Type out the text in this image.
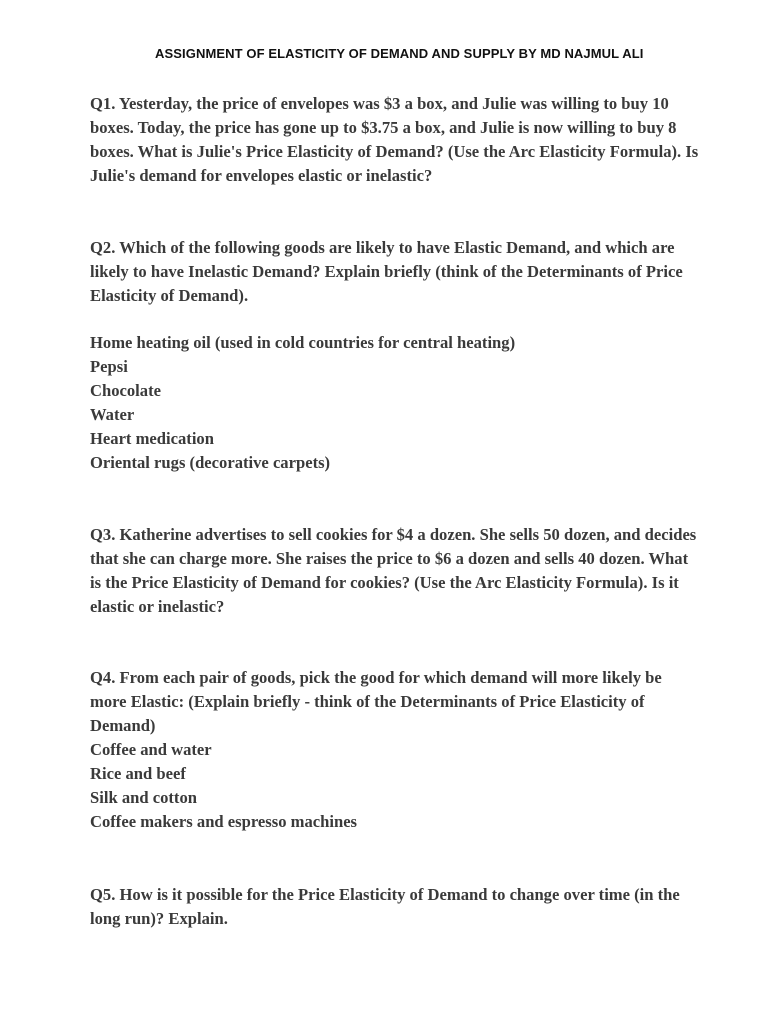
ASSIGNMENT OF ELASTICITY OF DEMAND AND SUPPLY BY MD NAJMUL ALI

Q1. Yesterday, the price of envelopes was $3 a box, and Julie was willing to buy 10 boxes. Today, the price has gone up to $3.75 a box, and Julie is now willing to buy 8 boxes. What is Julie's Price Elasticity of Demand? (Use the Arc Elasticity Formula). Is Julie's demand for envelopes elastic or inelastic?

Q2. Which of the following goods are likely to have Elastic Demand, and which are likely to have Inelastic Demand? Explain briefly (think of the Determinants of Price Elasticity of Demand).

Home heating oil (used in cold countries for central heating)
Pepsi
Chocolate
Water
Heart medication
Oriental rugs (decorative carpets)

Q3. Katherine advertises to sell cookies for $4 a dozen. She sells 50 dozen, and decides that she can charge more. She raises the price to $6 a dozen and sells 40 dozen. What is the Price Elasticity of Demand for cookies? (Use the Arc Elasticity Formula). Is it elastic or inelastic?

Q4. From each pair of goods, pick the good for which demand will more likely be more Elastic: (Explain briefly - think of the Determinants of Price Elasticity of Demand)

Coffee and water
Rice and beef
Silk and cotton
Coffee makers and espresso machines

Q5. How is it possible for the Price Elasticity of Demand to change over time (in the long run)? Explain.
